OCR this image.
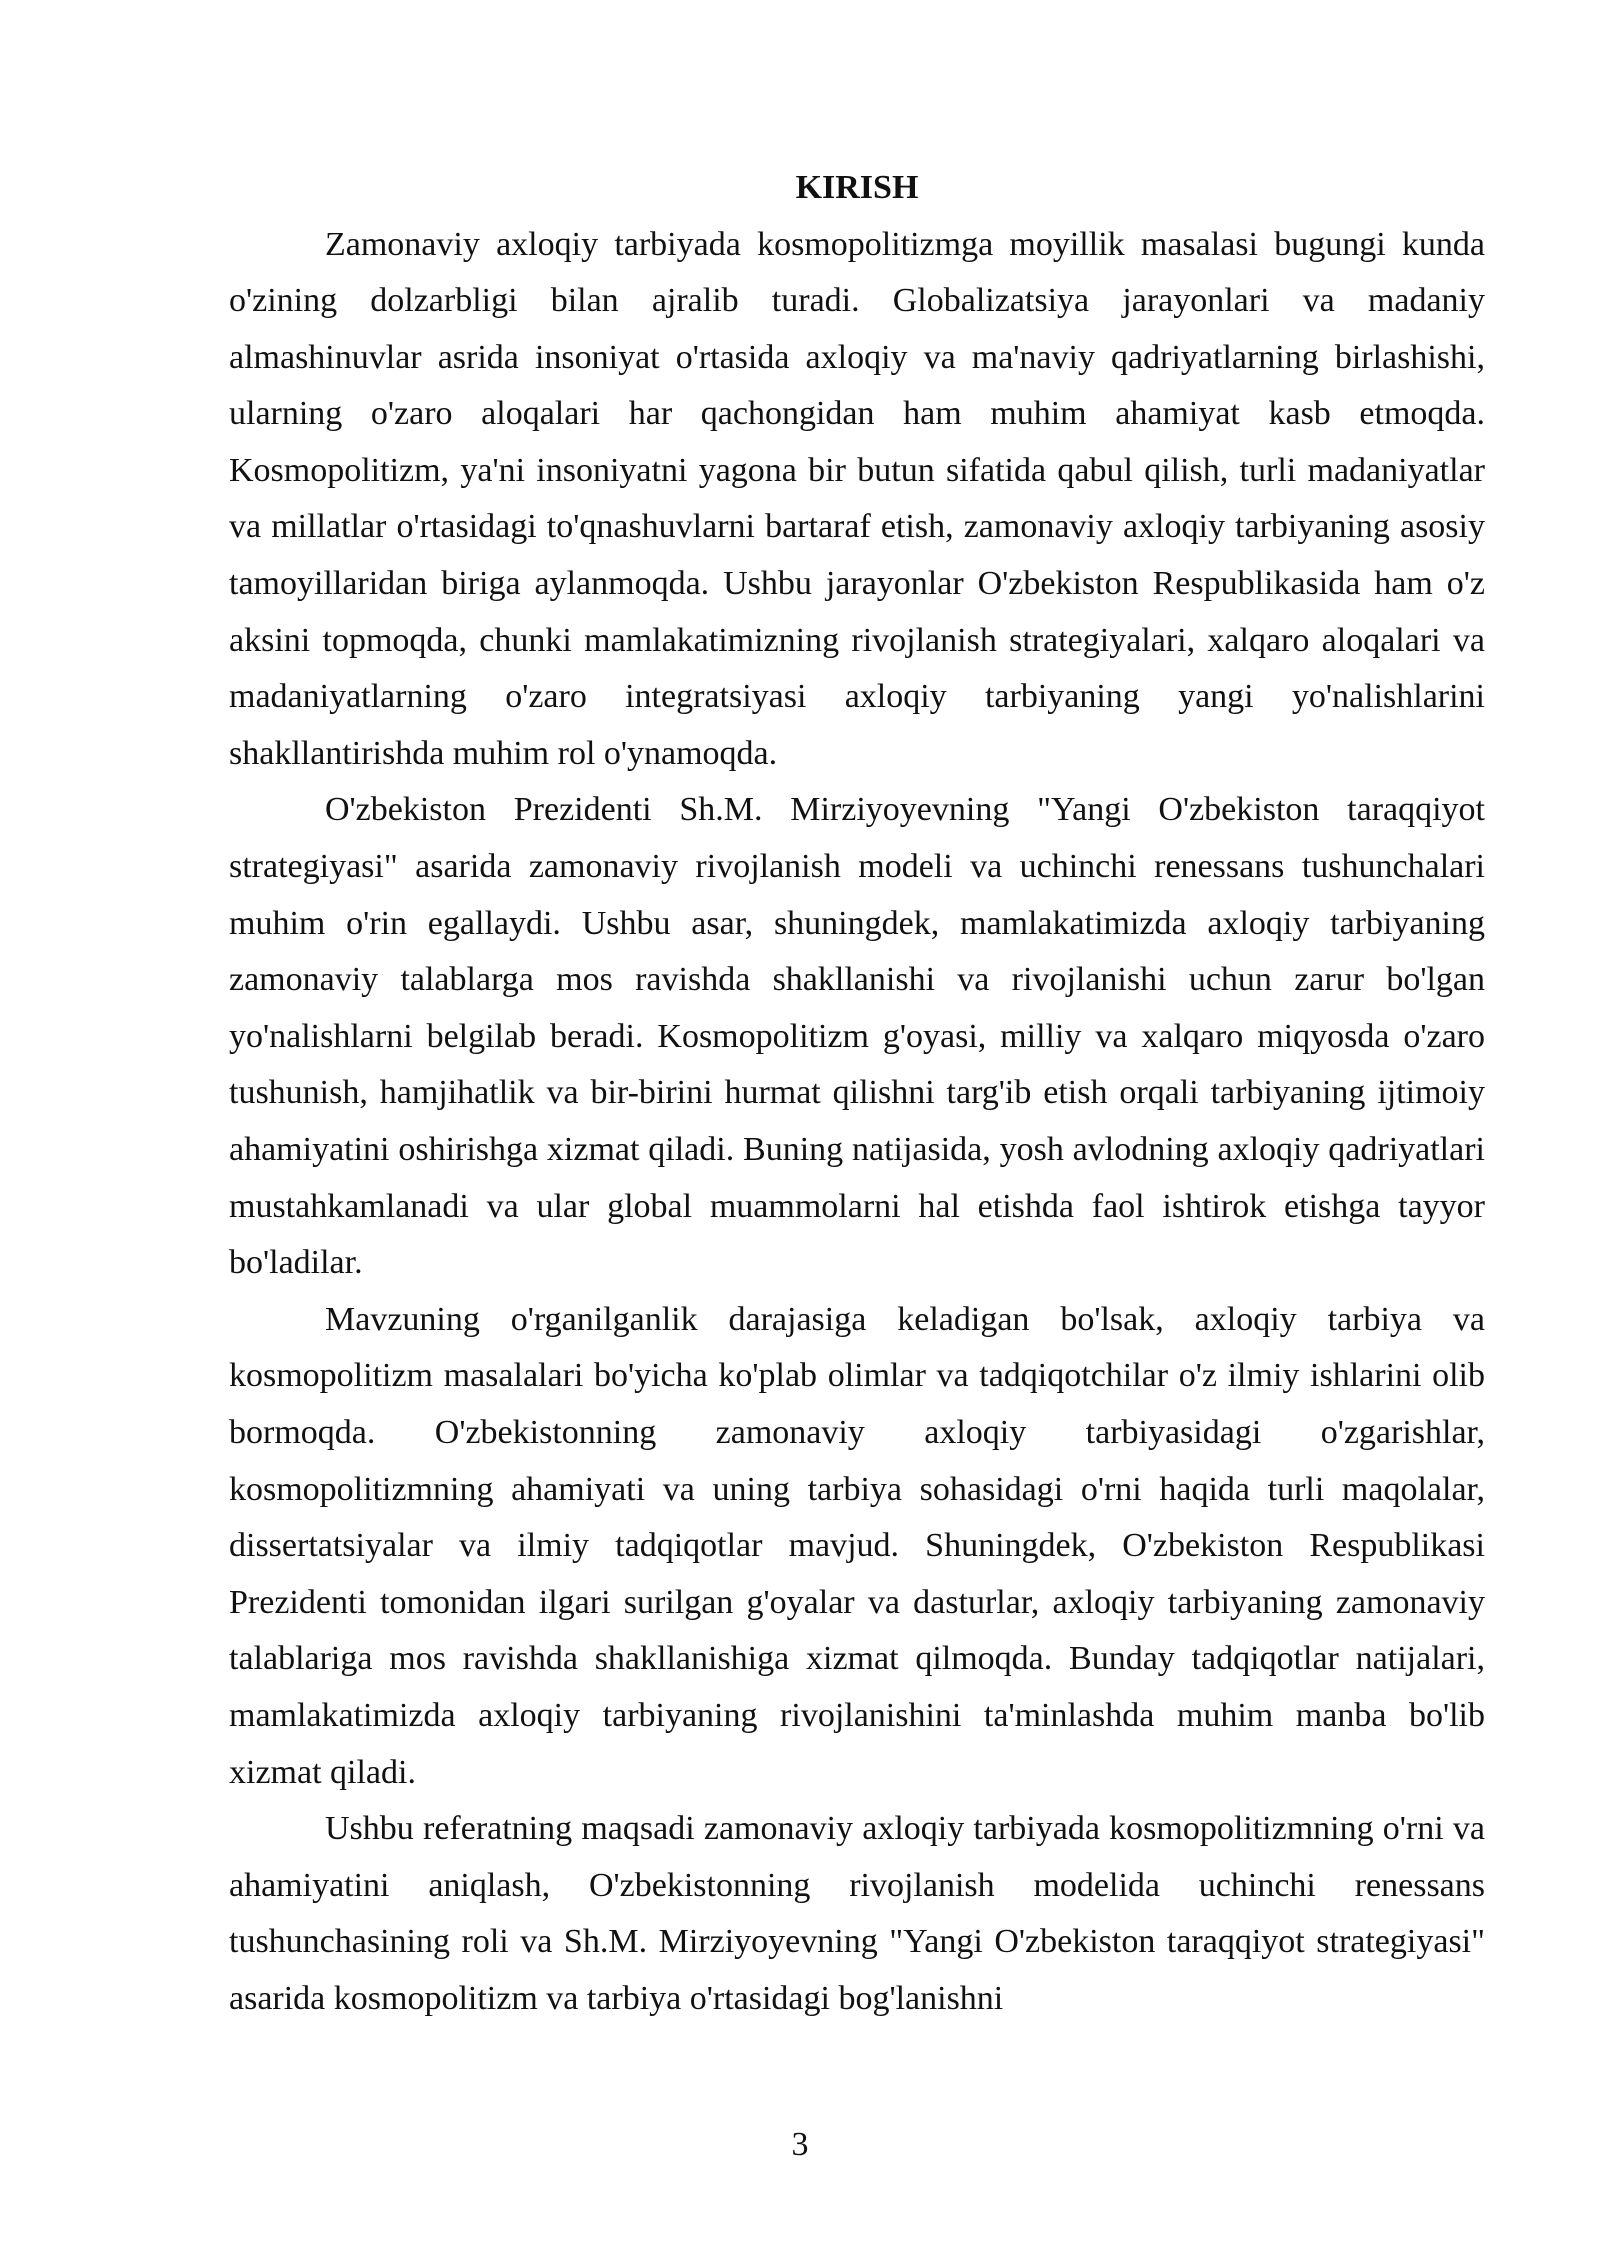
KIRISH

Zamonaviy axloqiy tarbiyada kosmopolitizmga moyillik masalasi bugungi kunda o'zining dolzarbligi bilan ajralib turadi. Globalizatsiya jarayonlari va madaniy almashinuvlar asrida insoniyat o'rtasida axloqiy va ma'naviy qadriyatlarning birlashishi, ularning o'zaro aloqalari har qachongidan ham muhim ahamiyat kasb etmoqda. Kosmopolitizm, ya'ni insoniyatni yagona bir butun sifatida qabul qilish, turli madaniyatlar va millatlar o'rtasidagi to'qnashuvlarni bartaraf etish, zamonaviy axloqiy tarbiyaning asosiy tamoyillaridan biriga aylanmoqda. Ushbu jarayonlar O'zbekiston Respublikasida ham o'z aksini topmoqda, chunki mamlakatimizning rivojlanish strategiyalari, xalqaro aloqalari va madaniyatlarning o'zaro integratsiyasi axloqiy tarbiyaning yangi yo'nalishlarini shakllantirishda muhim rol o'ynamoqda.

O'zbekiston Prezidenti Sh.M. Mirziyoyevning "Yangi O'zbekiston taraqqiyot strategiyasi" asarida zamonaviy rivojlanish modeli va uchinchi renessans tushunchalari muhim o'rin egallaydi. Ushbu asar, shuningdek, mamlakatimizda axloqiy tarbiyaning zamonaviy talablarga mos ravishda shakllanishi va rivojlanishi uchun zarur bo'lgan yo'nalishlarni belgilab beradi. Kosmopolitizm g'oyasi, milliy va xalqaro miqyosda o'zaro tushunish, hamjihatlik va bir-birini hurmat qilishni targ'ib etish orqali tarbiyaning ijtimoiy ahamiyatini oshirishga xizmat qiladi. Buning natijasida, yosh avlodning axloqiy qadriyatlari mustahkamlanadi va ular global muammolarni hal etishda faol ishtirok etishga tayyor bo'ladilar.

Mavzuning o'rganilganlik darajasiga keladigan bo'lsak, axloqiy tarbiya va kosmopolitizm masalalari bo'yicha ko'plab olimlar va tadqiqotchilar o'z ilmiy ishlarini olib bormoqda. O'zbekistonning zamonaviy axloqiy tarbiyasidagi o'zgarishlar, kosmopolitizmning ahamiyati va uning tarbiya sohasidagi o'rni haqida turli maqolalar, dissertatsiyalar va ilmiy tadqiqotlar mavjud. Shuningdek, O'zbekiston Respublikasi Prezidenti tomonidan ilgari surilgan g'oyalar va dasturlar, axloqiy tarbiyaning zamonaviy talablariga mos ravishda shakllanishiga xizmat qilmoqda. Bunday tadqiqotlar natijalari, mamlakatimizda axloqiy tarbiyaning rivojlanishini ta'minlashda muhim manba bo'lib xizmat qiladi.

Ushbu referatning maqsadi zamonaviy axloqiy tarbiyada kosmopolitizmning o'rni va ahamiyatini aniqlash, O'zbekistonning rivojlanish modelida uchinchi renessans tushunchasining roli va Sh.M. Mirziyoyevning "Yangi O'zbekiston taraqqiyot strategiyasi" asarida kosmopolitizm va tarbiya o'rtasidagi bog'lanishni

3
